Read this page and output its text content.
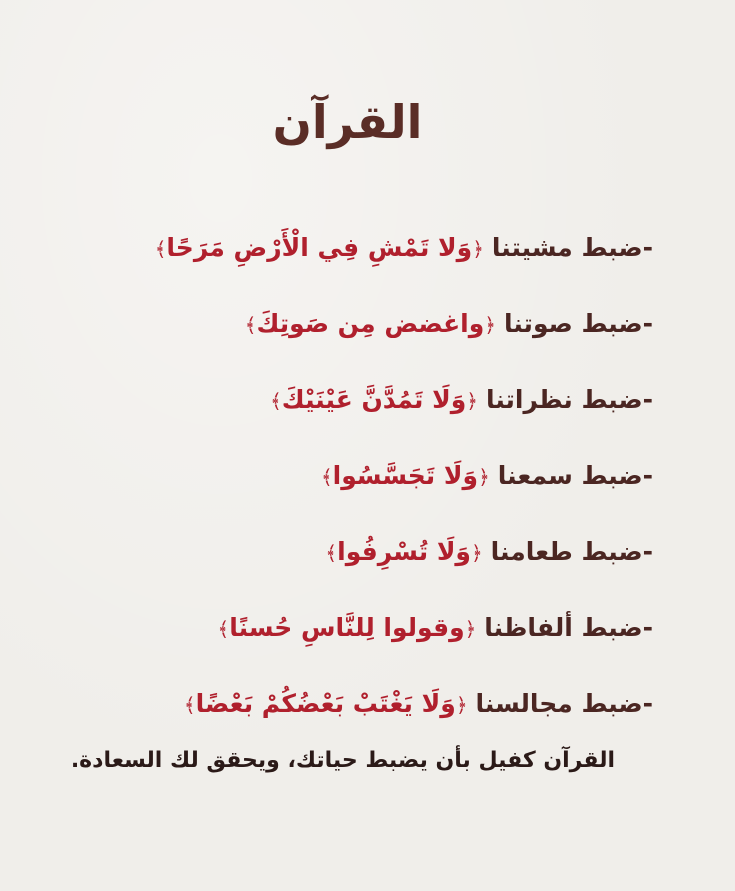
القرآن
-ضبط مشيتنا ﴿وَلا تَمْشِ فِي الْأَرْضِ مَرَحًا﴾
-ضبط صوتنا ﴿واغضض مِن صَوتِكَ﴾
-ضبط نظراتنا ﴿وَلَا تَمُدَّنَّ عَيْنَيْكَ﴾
-ضبط سمعنا ﴿وَلَا تَجَسَّسُوا﴾
-ضبط طعامنا ﴿وَلَا تُسْرِفُوا﴾
-ضبط ألفاظنا ﴿وقولوا لِلنَّاسِ حُسنًا﴾
-ضبط مجالسنا ﴿وَلَا يَغْتَبْ بَعْضُكُمْ بَعْضًا﴾
القرآن كفيل بأن يضبط حياتك، ويحقق لك السعادة.
